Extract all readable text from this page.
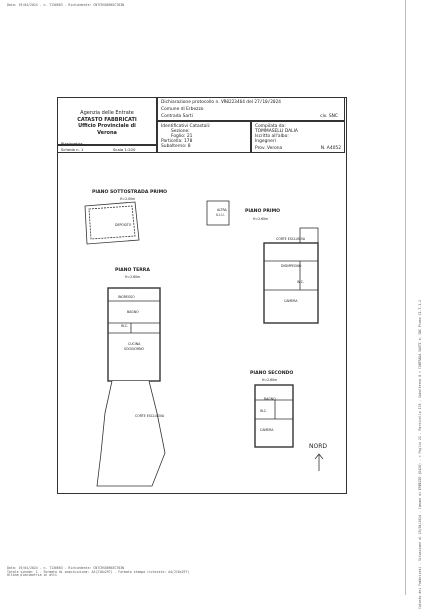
Data: 19/04/2024 - n. T136663 - Richiedente: CNTCRS00R63C783N
Agenzia delle Entrate
CATASTO FABBRICATI
Ufficio Provinciale di
Verona
Dichiarazione protocollo n. VR0223464 del 27/10/2024
Comune di Erbezzo
Contrada Sarti	civ. SNC
Identificativi Catastali:
Sezione:
Foglio: 21
Particella: 178
Subalterno: 8
Compilata da:
TOMMASELLI DALIA
Iscritto all'albo:
Ingegneri
Prov. Verona	N. A4052
Planimetria
Scheda n. 1	Scala 1:200
PIANO SOTTOSTRADA PRIMO
H=2.00m
DEPOSITO
ALTRA
U.I.U.
PIANO PRIMO
H=2.60m
CORTE ESCLUSIVA
DISIMPEGNO
W.C.
CAMERA
PIANO TERRA
H=2.80m
INGRESSO
BAGNO
W.C.
CUCINA
SOGGIORNO
CORTE ESCLUSIVA
PIANO SECONDO
H=2.60m
BAGNO
W.C.
CAMERA
NORD
Data: 19/04/2024 - n. T136663 - Richiedente: CNTCRS00R63C783N
Totale schede: 1 - Formato di acquisizione: A4(210x297) - Formato stampa richiesto: A4(210x297)
Ultima planimetria in atti	Catasto dei Fabbricati - Situazione al 19/04/2024 - Comune di ERBEZZO (D420) - < Foglio 21 - Particella 178 - Subalterno 8 > CONTRADA SARTI n. SNC Piano S1-T-1-2
